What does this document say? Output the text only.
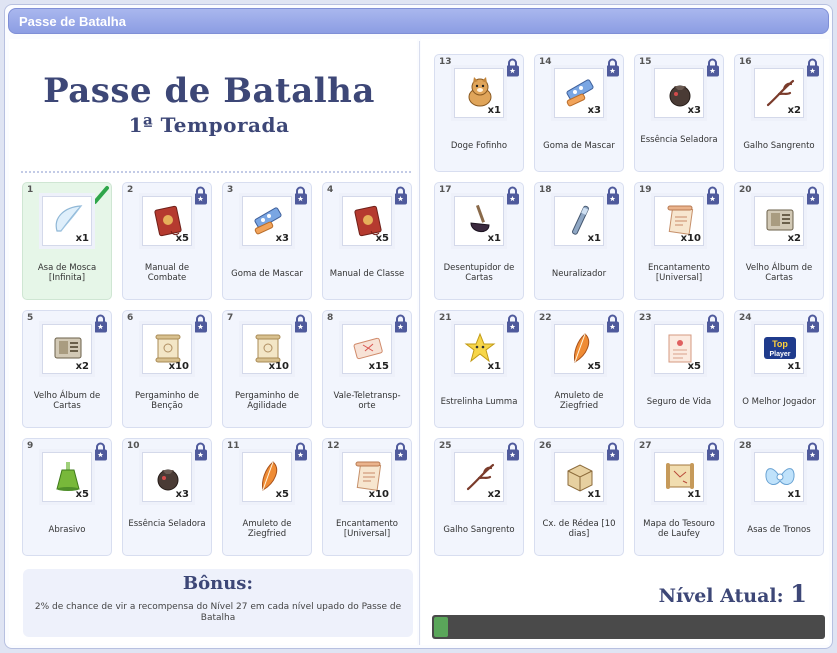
Passe de Batalha
Passe de Batalha
1ª Temporada
1
x1
Asa de Mosca [Infinita]
2
x5
Manual de Combate
3
x3
Goma de Mascar
4
x5
Manual de Classe
5
x2
Velho Álbum de Cartas
6
x10
Pergaminho de Bençãο
7
x10
Pergaminho de Agilidade
8
x15
Vale-Teletransp-orte
9
x5
Abrasivo
10
x3
Essência Seladora
11
x5
Amuleto de Ziegfried
12
x10
Encantamento [Universal]
Bônus:
2% de chance de vir a recompensa do Nível 27 em cada nível upado do Passe de Batalha
13
x1
Doge Fofinho
14
x3
Goma de Mascar
15
x3
Essência Seladora
16
x2
Galho Sangrento
17
x1
Desentupidor de Cartas
18
x1
Neuralizador
19
x10
Encantamento [Universal]
20
x2
Velho Álbum de Cartas
21
x1
Estrelinha Lumma
22
x5
Amuleto de Ziegfried
23
x5
Seguro de Vida
24
Top
Player
x1
O Melhor Jogador
25
x2
Galho Sangrento
26
x1
Cx. de Rédea [10 dias]
27
x1
Mapa do Tesouro de Laufey
28
x1
Asas de Tronos
Nível Atual: 1
